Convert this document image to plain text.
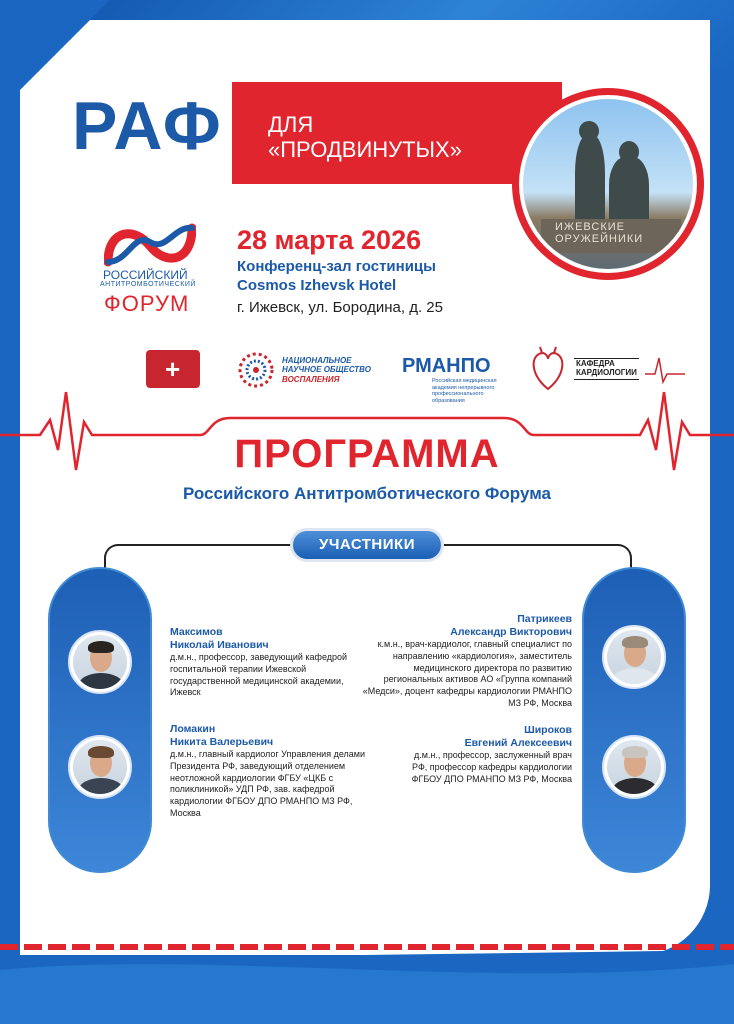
РАФ ДЛЯ
«ПРОДВИНУТЫХ»
ИЖЕВСКИЕ ОРУЖЕЙНИКИ
РОССИЙСКИЙ
АНТИТРОМБОТИЧЕСКИЙ
ФОРУМ
28 марта 2026
Конференц-зал гостиницы
Cosmos Izhevsk Hotel
г. Ижевск, ул. Бородина, д. 25
+
НАЦИОНАЛЬНОЕ
НАУЧНОЕ ОБЩЕСТВО
ВОСПАЛЕНИЯ
РМАНПО
Российская медицинская академия непрерывного профессионального образования
КАФЕДРА
КАРДИОЛОГИИ
ПРОГРАММА
Российского Антитромботического Форума
УЧАСТНИКИ
Максимов
Николай Иванович
д.м.н., профессор, заведующий кафедрой госпитальной терапии Ижевской государственной медицинской академии, Ижевск
Ломакин
Никита Валерьевич
д.м.н., главный кардиолог Управления делами Президента РФ, заведующий отделением неотложной кардиологии ФГБУ «ЦКБ с поликлиникой» УДП РФ, зав. кафедрой кардиологии ФГБОУ ДПО РМАНПО МЗ РФ, Москва
Патрикеев
Александр Викторович
к.м.н., врач-кардиолог, главный специалист по направлению «кардиология», заместитель медицинского директора по развитию региональных активов АО «Группа компаний «Медси», доцент кафедры кардиологии РМАНПО МЗ РФ, Москва
Широков
Евгений Алексеевич
д.м.н., профессор, заслуженный врач РФ, профессор кафедры кардиологии ФГБОУ ДПО РМАНПО МЗ РФ, Москва
